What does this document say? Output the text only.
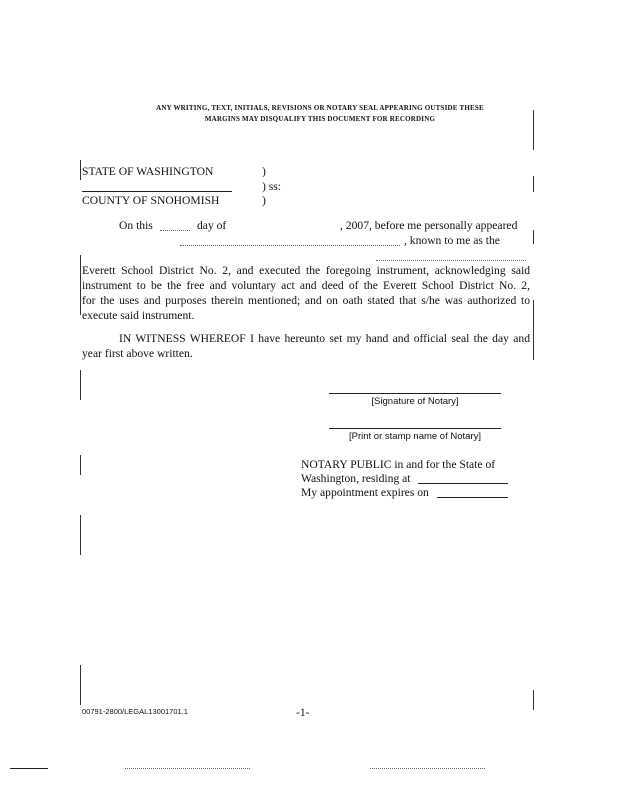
ANY WRITING, TEXT, INITIALS, REVISIONS OR NOTARY SEAL APPEARING OUTSIDE THESE
MARGINS MAY DISQUALIFY THIS DOCUMENT FOR RECORDING
STATE OF WASHINGTON	)
) ss:
COUNTY OF SNOHOMISH	)
On this	day of	, 2007, before me personally appeared
, known to me as the
Everett School District No. 2, and executed the foregoing instrument, acknowledging said
instrument to be the free and voluntary act and deed of the Everett School District No. 2,
for the uses and purposes therein mentioned; and on oath stated that s/he was authorized to
execute said instrument.
IN WITNESS WHEREOF I have hereunto set my hand and official seal the day and
year first above written.
[Signature of Notary]
[Print or stamp name of Notary]
NOTARY PUBLIC in and for the State of
Washington, residing at
My appointment expires on
00791-2800/LEGAL13001701.1	-1-
